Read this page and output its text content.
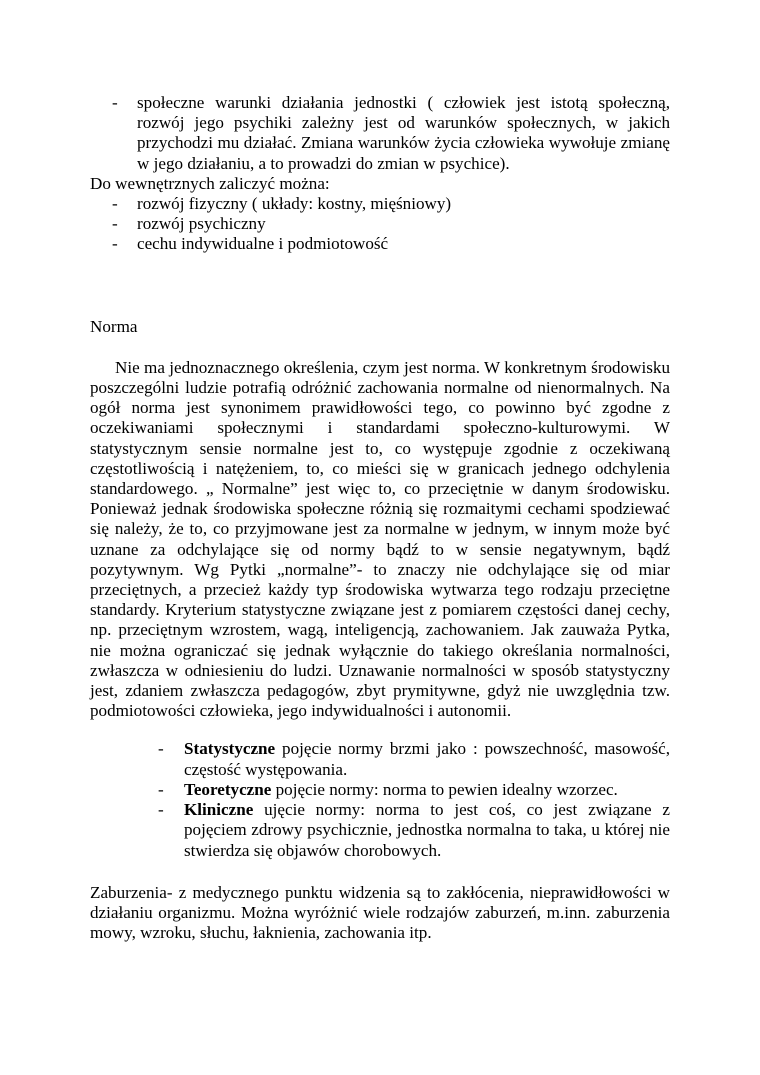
- społeczne warunki działania jednostki ( człowiek jest istotą społeczną, rozwój jego psychiki zależny jest od warunków społecznych, w jakich przychodzi mu działać. Zmiana warunków życia człowieka wywołuje zmianę w jego działaniu, a to prowadzi do zmian w psychice).

Do wewnętrznych zaliczyć można:

- rozwój fizyczny ( układy: kostny, mięśniowy)
- rozwój psychiczny
- cechu indywidualne i podmiotowość

Norma

Nie ma jednoznacznego określenia, czym jest norma. W konkretnym środowisku poszczególni ludzie potrafią odróżnić zachowania normalne od nienormalnych. Na ogół norma jest synonimem prawidłowości tego, co powinno być zgodne z oczekiwaniami społecznymi i standardami społeczno-kulturowymi. W statystycznym sensie normalne jest to, co występuje zgodnie z oczekiwaną częstotliwością i natężeniem, to, co mieści się w granicach jednego odchylenia standardowego. „ Normalne” jest więc to, co przeciętnie w danym środowisku. Ponieważ jednak środowiska społeczne różnią się rozmaitymi cechami spodziewać się należy, że to, co przyjmowane jest za normalne w jednym, w innym może być uznane za odchylające się od normy bądź to w sensie negatywnym, bądź pozytywnym. Wg Pytki „normalne”- to znaczy nie odchylające się od miar przeciętnych, a przecież każdy typ środowiska wytwarza tego rodzaju przeciętne standardy. Kryterium statystyczne związane jest z pomiarem częstości danej cechy, np. przeciętnym wzrostem, wagą, inteligencją, zachowaniem. Jak zauważa Pytka, nie można ograniczać się jednak wyłącznie do takiego określania normalności, zwłaszcza w odniesieniu do ludzi. Uznawanie normalności w sposób statystyczny jest, zdaniem zwłaszcza pedagogów, zbyt prymitywne, gdyż nie uwzględnia tzw. podmiotowości człowieka, jego indywidualności i autonomii.

- Statystyczne pojęcie normy brzmi jako : powszechność, masowość, częstość występowania.
- Teoretyczne pojęcie normy: norma to pewien idealny wzorzec.
- Kliniczne ujęcie normy: norma to jest coś, co jest związane z pojęciem zdrowy psychicznie, jednostka normalna to taka, u której nie stwierdza się objawów chorobowych.

Zaburzenia- z medycznego punktu widzenia są to zakłócenia, nieprawidłowości w działaniu organizmu. Można wyróżnić wiele rodzajów zaburzeń, m.inn. zaburzenia mowy, wzroku, słuchu, łaknienia, zachowania itp.
